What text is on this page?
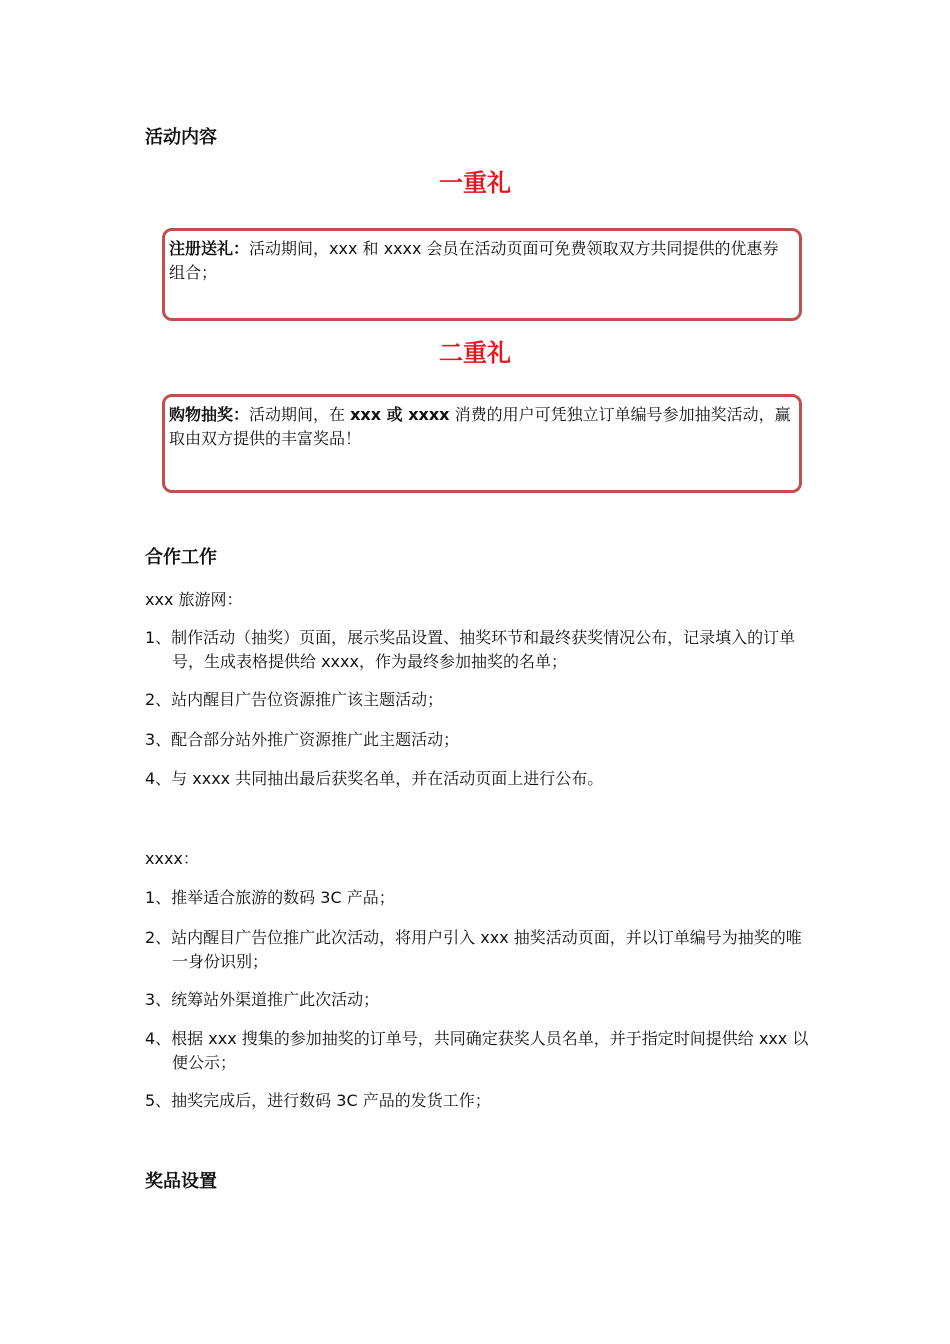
活动内容
一重礼
注册送礼：活动期间，xxx 和 xxxx 会员在活动页面可免费领取双方共同提供的优惠券组合；
二重礼
购物抽奖：活动期间，在 xxx 或 xxxx 消费的用户可凭独立订单编号参加抽奖活动，赢取由双方提供的丰富奖品！
合作工作

xxx 旅游网：

1、制作活动（抽奖）页面，展示奖品设置、抽奖环节和最终获奖情况公布，记录填入的订单号，生成表格提供给 xxxx，作为最终参加抽奖的名单；

2、站内醒目广告位资源推广该主题活动；

3、配合部分站外推广资源推广此主题活动；

4、与 xxxx 共同抽出最后获奖名单，并在活动页面上进行公布。

xxxx：

1、推举适合旅游的数码 3C 产品；

2、站内醒目广告位推广此次活动，将用户引入 xxx 抽奖活动页面，并以订单编号为抽奖的唯一身份识别；

3、统筹站外渠道推广此次活动；

4、根据 xxx 搜集的参加抽奖的订单号，共同确定获奖人员名单，并于指定时间提供给 xxx 以便公示；

5、抽奖完成后，进行数码 3C 产品的发货工作；

奖品设置
